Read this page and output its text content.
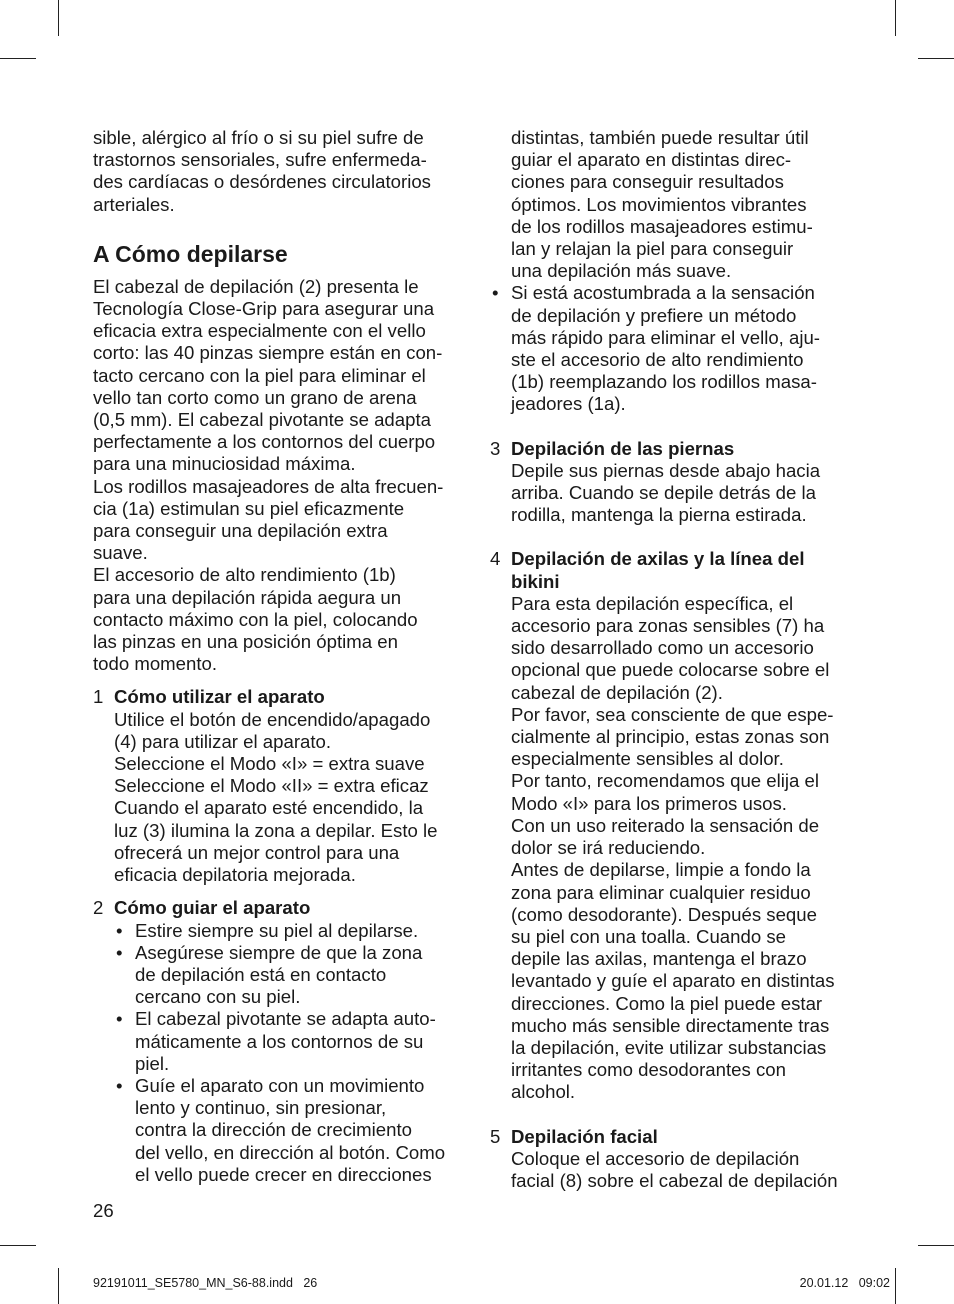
sible, alérgico al frío o si su piel sufre de
trastornos sensoriales, sufre enfermeda-
des cardíacas o desórdenes circulatorios
arteriales.

A Cómo depilarse

El cabezal de depilación (2) presenta le
Tecnología Close-Grip para asegurar una
eficacia extra especialmente con el vello
corto: las 40 pinzas siempre están en con-
tacto cercano con la piel para eliminar el
vello tan corto como un grano de arena
(0,5 mm). El cabezal pivotante se adapta
perfectamente a los contornos del cuerpo
para una minuciosidad máxima.

Los rodillos masajeadores de alta frecuen-
cia (1a) estimulan su piel eficazmente
para conseguir una depilación extra
suave.

El accesorio de alto rendimiento (1b)
para una depilación rápida aegura un
contacto máximo con la piel, colocando
las pinzas en una posición óptima en
todo momento.

1 Cómo utilizar el aparato
Utilice el botón de encendido/apagado
(4) para utilizar el aparato.
Seleccione el Modo «I» = extra suave
Seleccione el Modo «II» = extra eficaz
Cuando el aparato esté encendido, la
luz (3) ilumina la zona a depilar. Esto le
ofrecerá un mejor control para una
eficacia depilatoria mejorada.
2 Cómo guiar el aparato
• Estire siempre su piel al depilarse.
• Asegúrese siempre de que la zona
de depilación está en contacto
cercano con su piel.
• El cabezal pivotante se adapta auto-
máticamente a los contornos de su
piel.
• Guíe el aparato con un movimiento
lento y continuo, sin presionar,
contra la dirección de crecimiento
del vello, en dirección al botón. Como
el vello puede crecer en direcciones
distintas, también puede resultar útil
guiar el aparato en distintas direc-
ciones para conseguir resultados
óptimos. Los movimientos vibrantes
de los rodillos masajeadores estimu-
lan y relajan la piel para conseguir
una depilación más suave.
• Si está acostumbrada a la sensación
de depilación y prefiere un método
más rápido para eliminar el vello, aju-
ste el accesorio de alto rendimiento
(1b) reemplazando los rodillos masa-
jeadores (1a).
3 Depilación de las piernas
Depile sus piernas desde abajo hacia
arriba. Cuando se depile detrás de la
rodilla, mantenga la pierna estirada.
4 Depilación de axilas y la línea del
bikini
Para esta depilación específica, el
accesorio para zonas sensibles (7) ha
sido desarrollado como un accesorio
opcional que puede colocarse sobre el
cabezal de depilación (2).
Por favor, sea consciente de que espe-
cialmente al principio, estas zonas son
especialmente sensibles al dolor.
Por tanto, recomendamos que elija el
Modo «I» para los primeros usos.
Con un uso reiterado la sensación de
dolor se irá reduciendo.
Antes de depilarse, limpie a fondo la
zona para eliminar cualquier residuo
(como desodorante). Después seque
su piel con una toalla. Cuando se
depile las axilas, mantenga el brazo
levantado y guíe el aparato en distintas
direcciones. Como la piel puede estar
mucho más sensible directamente tras
la depilación, evite utilizar substancias
irritantes como desodorantes con
alcohol.
5 Depilación facial
Coloque el accesorio de depilación
facial (8) sobre el cabezal de depilación
26
92191011_SE5780_MN_S6-88.indd   26	20.01.12   09:02
